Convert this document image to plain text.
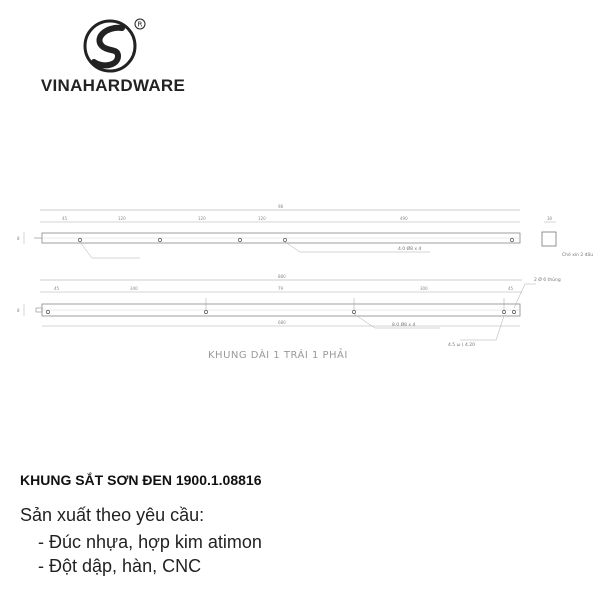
R
VINAHARDWARE
98
45	120	120	120	490
4.0 Ø8 x 4
8
30
Chè xìn 2 đầu
880
45	340	79	300	45
680
8.0 Ø8 x 4
2 Ø 6 thủng
4.5 ω ( 4.20
8
KHUNG DÀI 1 TRÁI 1 PHẢI
KHUNG SẮT SƠN ĐEN 1900.1.08816
Sản xuất theo yêu cầu:
- Đúc nhựa, hợp kim atimon
- Đột dập, hàn, CNC
